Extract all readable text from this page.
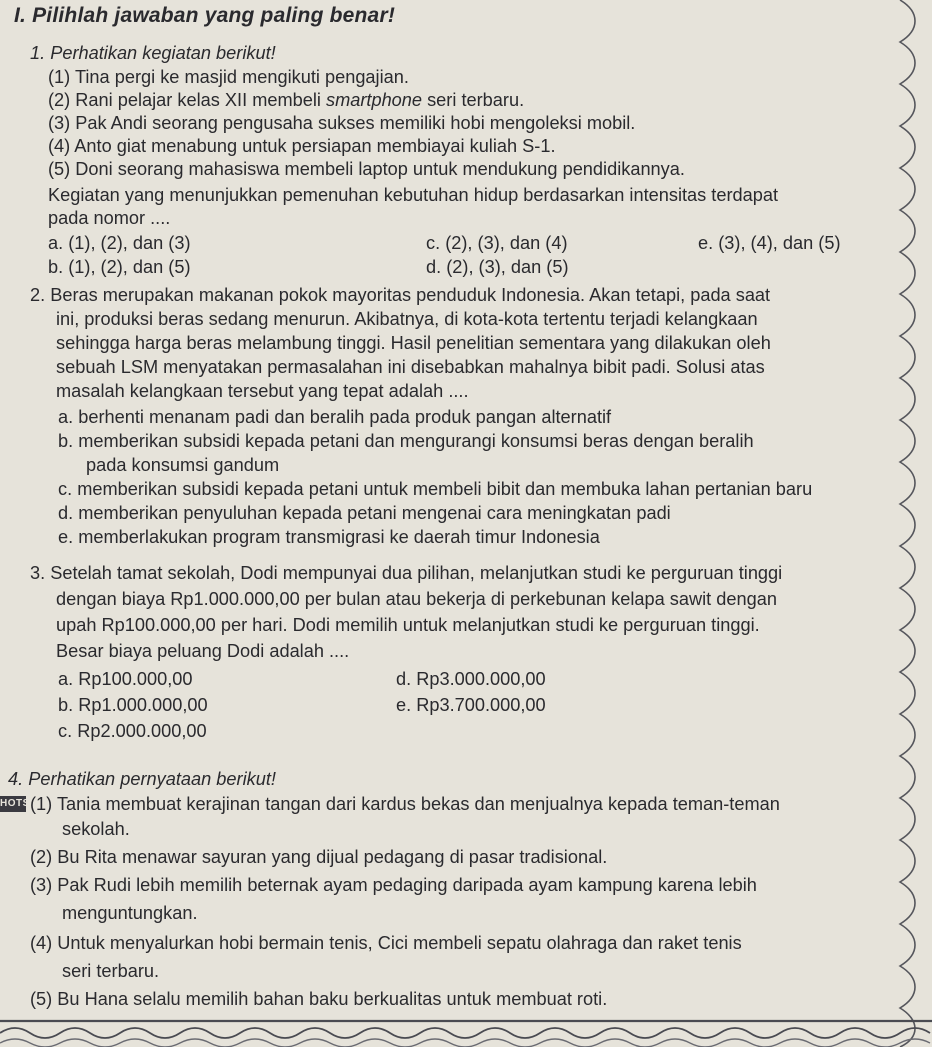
I. Pilihlah jawaban yang paling benar!
1. Perhatikan kegiatan berikut!
(1) Tina pergi ke masjid mengikuti pengajian.
(2) Rani pelajar kelas XII membeli smartphone seri terbaru.
(3) Pak Andi seorang pengusaha sukses memiliki hobi mengoleksi mobil.
(4) Anto giat menabung untuk persiapan membiayai kuliah S-1.
(5) Doni seorang mahasiswa membeli laptop untuk mendukung pendidikannya.
Kegiatan yang menunjukkan pemenuhan kebutuhan hidup berdasarkan intensitas terdapat
pada nomor ....
a. (1), (2), dan (3)	c. (2), (3), dan (4)	e. (3), (4), dan (5)
b. (1), (2), dan (5)	d. (2), (3), dan (5)
2. Beras merupakan makanan pokok mayoritas penduduk Indonesia. Akan tetapi, pada saat
ini, produksi beras sedang menurun. Akibatnya, di kota-kota tertentu terjadi kelangkaan
sehingga harga beras melambung tinggi. Hasil penelitian sementara yang dilakukan oleh
sebuah LSM menyatakan permasalahan ini disebabkan mahalnya bibit padi. Solusi atas
masalah kelangkaan tersebut yang tepat adalah ....
a. berhenti menanam padi dan beralih pada produk pangan alternatif
b. memberikan subsidi kepada petani dan mengurangi konsumsi beras dengan beralih
pada konsumsi gandum
c. memberikan subsidi kepada petani untuk membeli bibit dan membuka lahan pertanian baru
d. memberikan penyuluhan kepada petani mengenai cara meningkatan padi
e. memberlakukan program transmigrasi ke daerah timur Indonesia
3. Setelah tamat sekolah, Dodi mempunyai dua pilihan, melanjutkan studi ke perguruan tinggi
dengan biaya Rp1.000.000,00 per bulan atau bekerja di perkebunan kelapa sawit dengan
upah Rp100.000,00 per hari. Dodi memilih untuk melanjutkan studi ke perguruan tinggi.
Besar biaya peluang Dodi adalah ....
a. Rp100.000,00	d. Rp3.000.000,00
b. Rp1.000.000,00	e. Rp3.700.000,00
c. Rp2.000.000,00
4. Perhatikan pernyataan berikut!
HOTS (1) Tania membuat kerajinan tangan dari kardus bekas dan menjualnya kepada teman-teman
sekolah.
(2) Bu Rita menawar sayuran yang dijual pedagang di pasar tradisional.
(3) Pak Rudi lebih memilih beternak ayam pedaging daripada ayam kampung karena lebih
menguntungkan.
(4) Untuk menyalurkan hobi bermain tenis, Cici membeli sepatu olahraga dan raket tenis
seri terbaru.
(5) Bu Hana selalu memilih bahan baku berkualitas untuk membuat roti.
